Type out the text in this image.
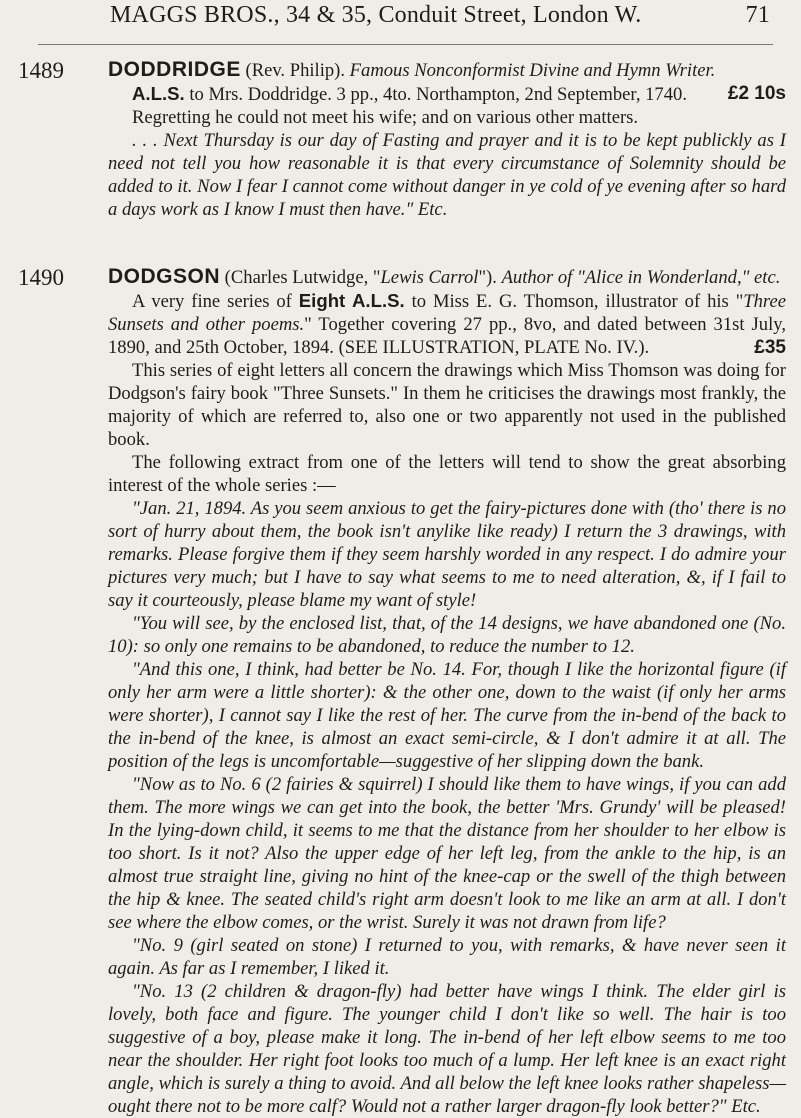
MAGGS BROS., 34 & 35, Conduit Street, London W.	71
1489 DODDRIDGE (Rev. Philip). Famous Nonconformist Divine and Hymn Writer.

A.L.S. to Mrs. Doddridge. 3 pp., 4to. Northampton, 2nd September, 1740. £2 10s

Regretting he could not meet his wife; and on various other matters.

. . . Next Thursday is our day of Fasting and prayer and it is to be kept publickly as I need not tell you how reasonable it is that every circumstance of Solemnity should be added to it. Now I fear I cannot come without danger in ye cold of ye evening after so hard a days work as I know I must then have." Etc.

1490 DODGSON (Charles Lutwidge, "Lewis Carrol"). Author of "Alice in Wonderland," etc.

A very fine series of Eight A.L.S. to Miss E. G. Thomson, illustrator of his "Three Sunsets and other poems." Together covering 27 pp., 8vo, and dated between 31st July, 1890, and 25th October, 1894. (SEE ILLUSTRATION, PLATE No. IV.).	£35

This series of eight letters all concern the drawings which Miss Thomson was doing for Dodgson's fairy book "Three Sunsets." In them he criticises the drawings most frankly, the majority of which are referred to, also one or two apparently not used in the published book.

The following extract from one of the letters will tend to show the great absorbing interest of the whole series :—

"Jan. 21, 1894. As you seem anxious to get the fairy-pictures done with (tho' there is no sort of hurry about them, the book isn't anylike like ready) I return the 3 drawings, with remarks. Please forgive them if they seem harshly worded in any respect. I do admire your pictures very much; but I have to say what seems to me to need alteration, &, if I fail to say it courteously, please blame my want of style!

"You will see, by the enclosed list, that, of the 14 designs, we have abandoned one (No. 10): so only one remains to be abandoned, to reduce the number to 12.

"And this one, I think, had better be No. 14. For, though I like the horizontal figure (if only her arm were a little shorter): & the other one, down to the waist (if only her arms were shorter), I cannot say I like the rest of her. The curve from the in-bend of the back to the in-bend of the knee, is almost an exact semi-circle, & I don't admire it at all. The position of the legs is uncomfortable—suggestive of her slipping down the bank.

"Now as to No. 6 (2 fairies & squirrel) I should like them to have wings, if you can add them. The more wings we can get into the book, the better 'Mrs. Grundy' will be pleased! In the lying-down child, it seems to me that the distance from her shoulder to her elbow is too short. Is it not? Also the upper edge of her left leg, from the ankle to the hip, is an almost true straight line, giving no hint of the knee-cap or the swell of the thigh between the hip & knee. The seated child's right arm doesn't look to me like an arm at all. I don't see where the elbow comes, or the wrist. Surely it was not drawn from life?

"No. 9 (girl seated on stone) I returned to you, with remarks, & have never seen it again. As far as I remember, I liked it.

"No. 13 (2 children & dragon-fly) had better have wings I think. The elder girl is lovely, both face and figure. The younger child I don't like so well. The hair is too suggestive of a boy, please make it long. The in-bend of her left elbow seems to me too near the shoulder. Her right foot looks too much of a lump. Her left knee is an exact right angle, which is surely a thing to avoid. And all below the left knee looks rather shapeless—ought there not to be more calf? Would not a rather larger dragon-fly look better?" Etc.
